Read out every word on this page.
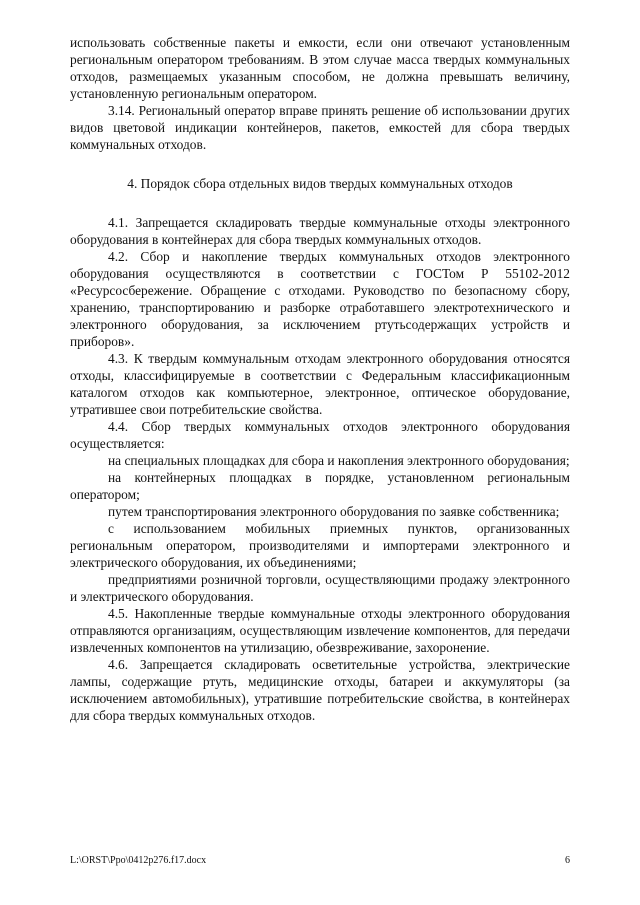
использовать собственные пакеты и емкости, если они отвечают установленным региональным оператором требованиям. В этом случае масса твердых коммунальных отходов, размещаемых указанным способом, не должна превышать величину, установленную региональным оператором.

3.14. Региональный оператор вправе принять решение об использовании других видов цветовой индикации контейнеров, пакетов, емкостей для сбора твердых коммунальных отходов.

4. Порядок сбора отдельных видов твердых коммунальных отходов

4.1. Запрещается складировать твердые коммунальные отходы электронного оборудования в контейнерах для сбора твердых коммунальных отходов.

4.2. Сбор и накопление твердых коммунальных отходов электронного оборудования осуществляются в соответствии с ГОСТом Р 55102-2012 «Ресурсосбережение. Обращение с отходами. Руководство по безопасному сбору, хранению, транспортированию и разборке отработавшего электротехнического и электронного оборудования, за исключением ртутьсодержащих устройств и приборов».

4.3. К твердым коммунальным отходам электронного оборудования относятся отходы, классифицируемые в соответствии с Федеральным классификационным каталогом отходов как компьютерное, электронное, оптическое оборудование, утратившее свои потребительские свойства.

4.4. Сбор твердых коммунальных отходов электронного оборудования осуществляется:

на специальных площадках для сбора и накопления электронного оборудования;

на контейнерных площадках в порядке, установленном региональным оператором;

путем транспортирования электронного оборудования по заявке собственника;

с использованием мобильных приемных пунктов, организованных региональным оператором, производителями и импортерами электронного и электрического оборудования, их объединениями;

предприятиями розничной торговли, осуществляющими продажу электронного и электрического оборудования.

4.5. Накопленные твердые коммунальные отходы электронного оборудования отправляются организациям, осуществляющим извлечение компонентов, для передачи извлеченных компонентов на утилизацию, обезвреживание, захоронение.

4.6. Запрещается складировать осветительные устройства, электрические лампы, содержащие ртуть, медицинские отходы, батареи и аккумуляторы (за исключением автомобильных), утратившие потребительские свойства, в контейнерах для сбора твердых коммунальных отходов.

L:\ORST\Ppo\0412p276.f17.docx	6
